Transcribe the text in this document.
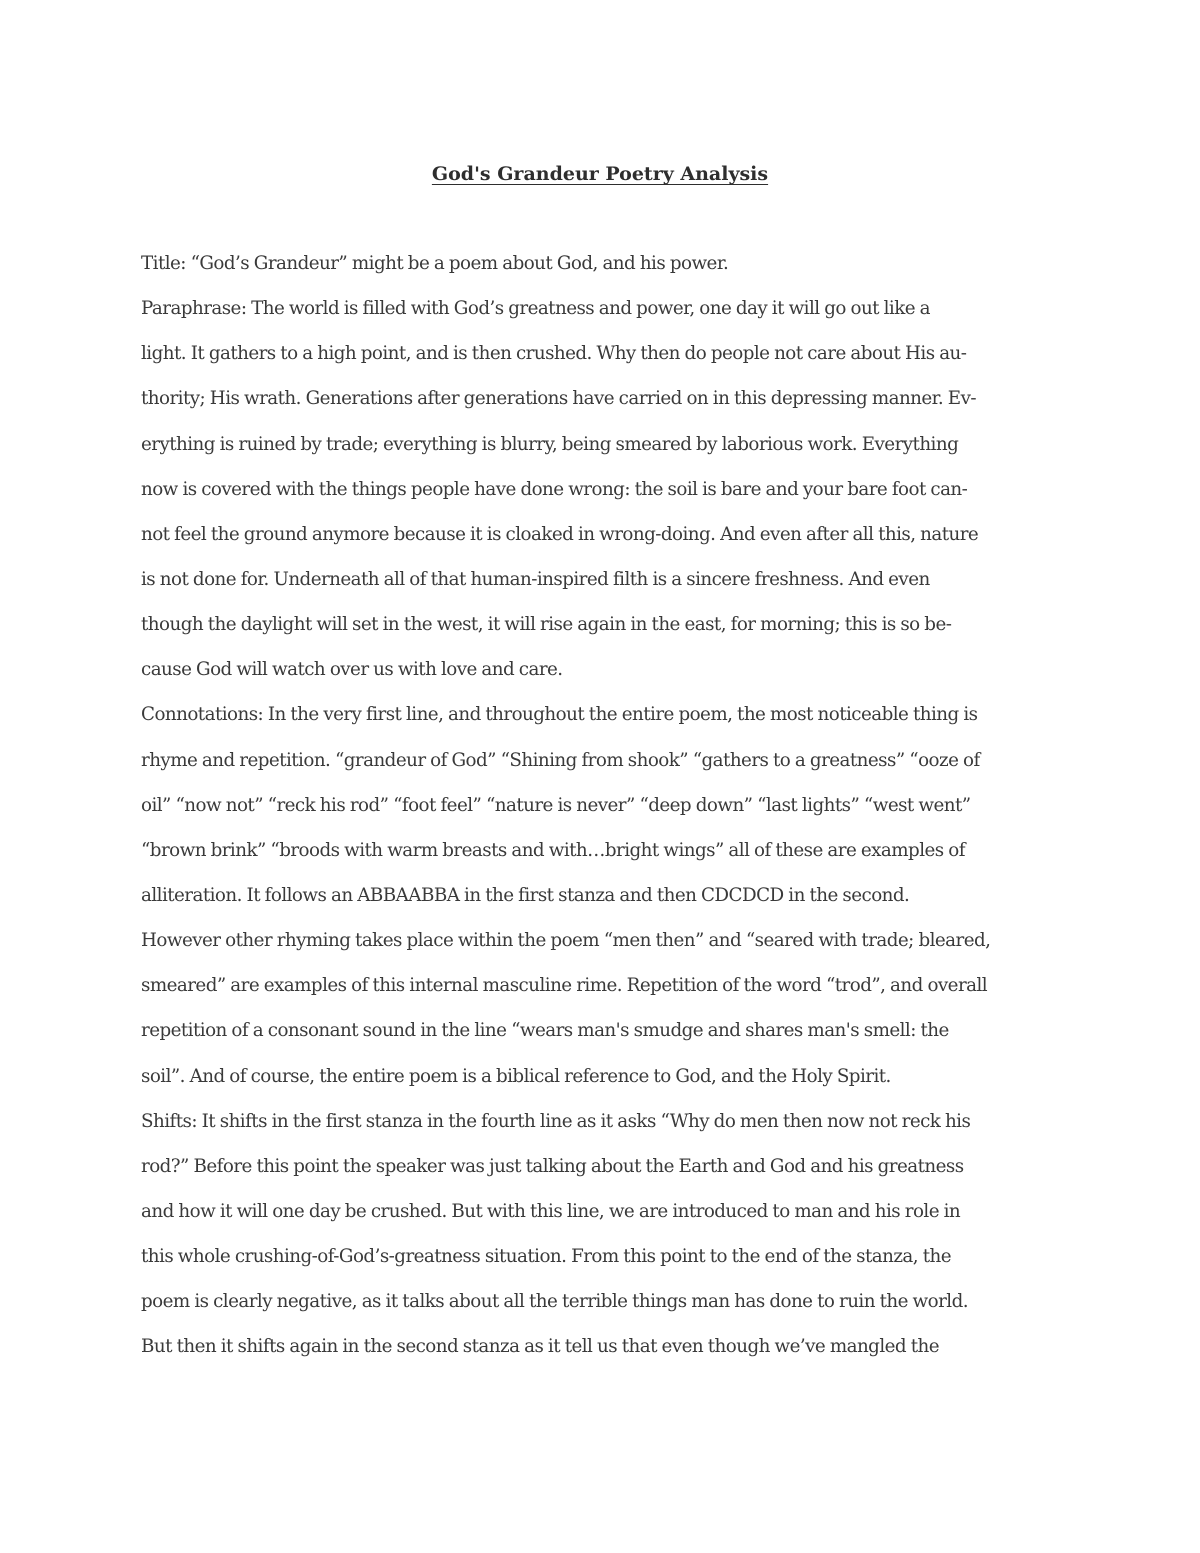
God's Grandeur Poetry Analysis
Title: “God’s Grandeur” might be a poem about God, and his power.
Paraphrase: The world is filled with God’s greatness and power, one day it will go out like a
light. It gathers to a high point, and is then crushed. Why then do people not care about His au-
thority; His wrath. Generations after generations have carried on in this depressing manner. Ev-
erything is ruined by trade; everything is blurry, being smeared by laborious work. Everything
now is covered with the things people have done wrong: the soil is bare and your bare foot can-
not feel the ground anymore because it is cloaked in wrong-doing. And even after all this, nature
is not done for. Underneath all of that human-inspired filth is a sincere freshness. And even
though the daylight will set in the west, it will rise again in the east, for morning; this is so be-
cause God will watch over us with love and care.
Connotations: In the very first line, and throughout the entire poem, the most noticeable thing is
rhyme and repetition. “grandeur of God” “Shining from shook” “gathers to a greatness” “ooze of
oil” “now not” “reck his rod” “foot feel” “nature is never” “deep down” “last lights” “west went”
“brown brink” “broods with warm breasts and with…bright wings” all of these are examples of
alliteration. It follows an ABBAABBA in the first stanza and then CDCDCD in the second.
However other rhyming takes place within the poem “men then” and “seared with trade; bleared,
smeared” are examples of this internal masculine rime. Repetition of the word “trod”, and overall
repetition of a consonant sound in the line “wears man's smudge and shares man's smell: the
soil”. And of course, the entire poem is a biblical reference to God, and the Holy Spirit.
Shifts: It shifts in the first stanza in the fourth line as it asks “Why do men then now not reck his
rod?” Before this point the speaker was just talking about the Earth and God and his greatness
and how it will one day be crushed. But with this line, we are introduced to man and his role in
this whole crushing-of-God’s-greatness situation. From this point to the end of the stanza, the
poem is clearly negative, as it talks about all the terrible things man has done to ruin the world.
But then it shifts again in the second stanza as it tell us that even though we’ve mangled the
